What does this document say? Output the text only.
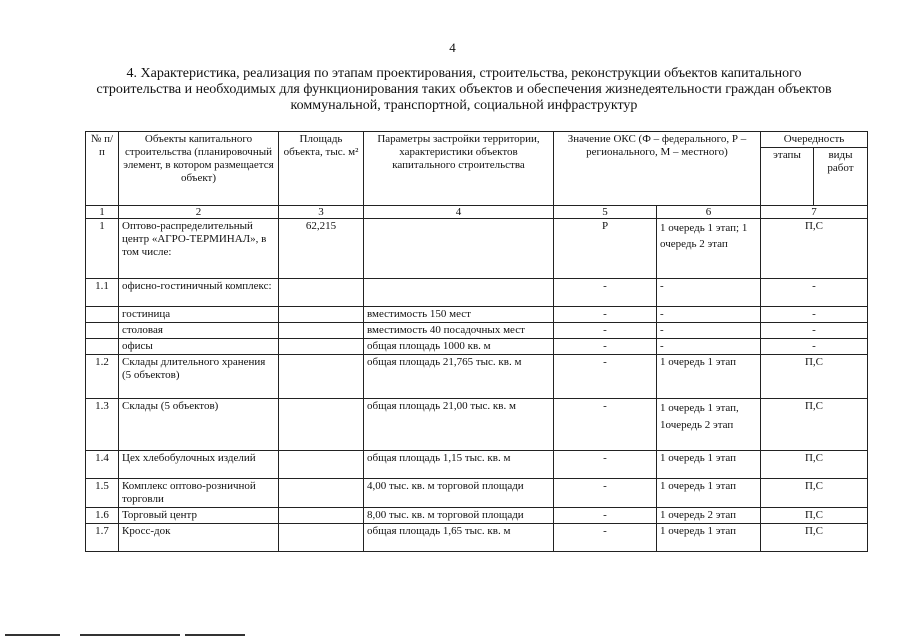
4
4. Характеристика, реализация по этапам проектирования, строительства, реконструкции объектов капитального строительства и необходимых для функционирования таких объектов и обеспечения жизнедеятельности граждан объектов коммунальной, транспортной, социальной инфраструктур
№ п/п	Объекты капитального строительства (планировочный элемент, в котором размещается объект)	Площадь объекта, тыс. м²	Параметры застройки территории, характеристики объектов капитального строительства	Значение ОКС (Ф – федерального, Р – регионального, М – местного)		Очередность	
						этапы	виды работ
1	2	3	4	5	6	7	
1	Оптово-распределительный центр «АГРО-ТЕРМИНАЛ», в том числе:	62,215		Р	1 очередь 1 этап; 1 очередь 2 этап	П,С	
1.1	офисно-гостиничный комплекс:			-	-	-	
	гостиница		вместимость 150 мест	-	-	-	
	столовая		вместимость 40 посадочных мест	-	-	-	
	офисы		общая площадь 1000 кв. м	-	-	-	
1.2	Склады длительного хранения (5 объектов)		общая площадь 21,765 тыс. кв. м	-	1 очередь 1 этап	П,С	
1.3	Склады (5 объектов)		общая площадь 21,00 тыс. кв. м	-	1 очередь 1 этап, 1очередь 2 этап	П,С	
1.4	Цех хлебобулочных изделий		общая площадь 1,15 тыс. кв. м	-	1 очередь 1 этап	П,С	
1.5	Комплекс оптово-розничной торговли		4,00 тыс. кв. м торговой площади	-	1 очередь 1 этап	П,С	
1.6	Торговый центр		8,00 тыс. кв. м торговой площади	-	1 очередь 2 этап	П,С	
1.7	Кросс-док		общая площадь 1,65 тыс. кв. м	-	1 очередь 1 этап	П,С	
